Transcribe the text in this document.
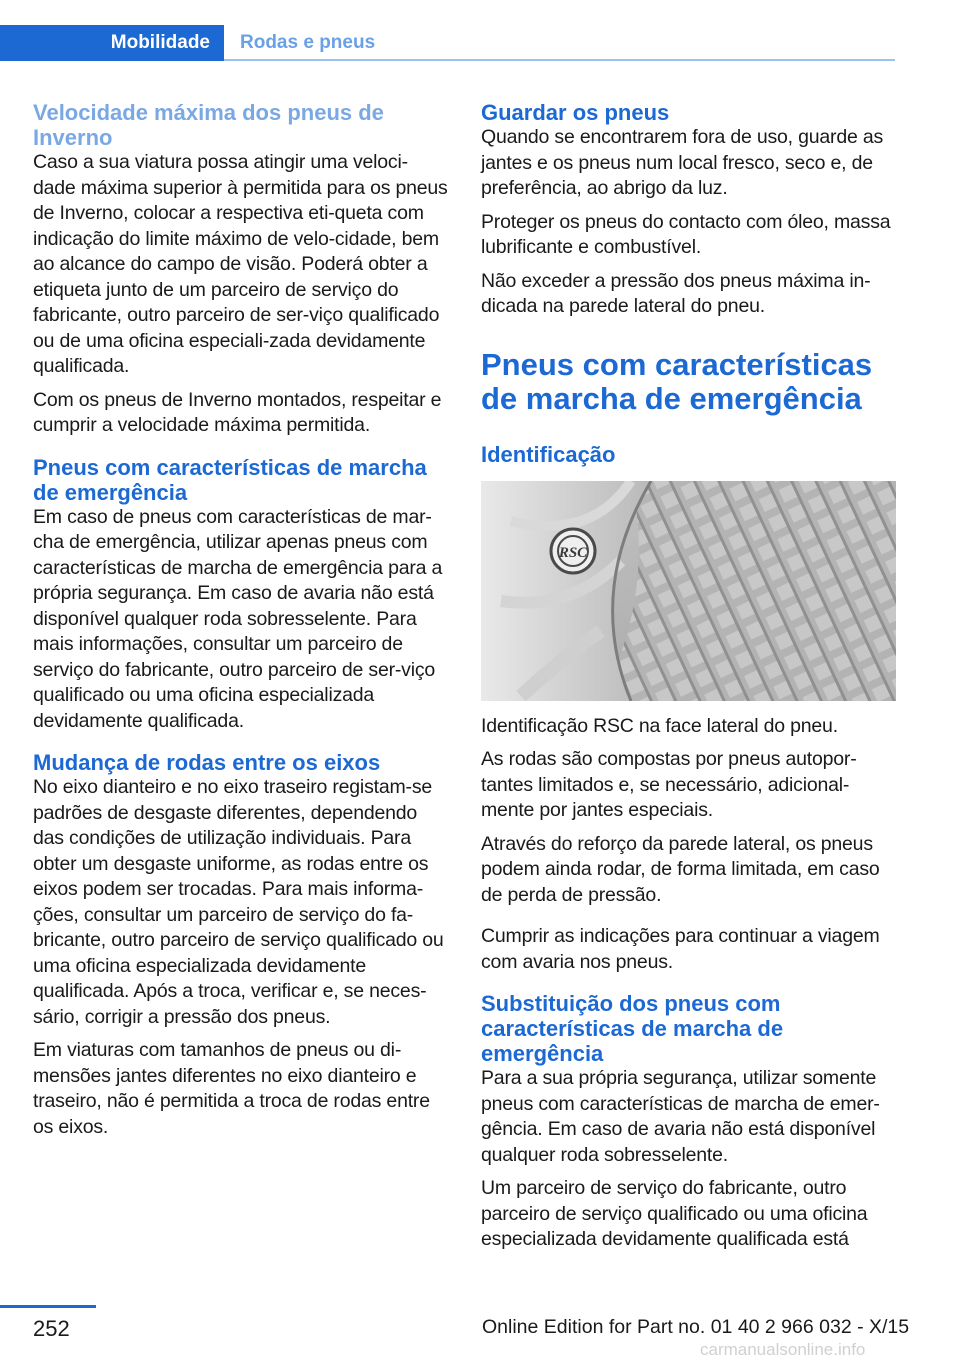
Mobilidade	Rodas e pneus
Velocidade máxima dos pneus de Inverno

Caso a sua viatura possa atingir uma veloci-dade máxima superior à permitida para os pneus de Inverno, colocar a respectiva eti-queta com indicação do limite máximo de velo-cidade, bem ao alcance do campo de visão. Poderá obter a etiqueta junto de um parceiro de serviço do fabricante, outro parceiro de ser-viço qualificado ou de uma oficina especiali-zada devidamente qualificada.

Com os pneus de Inverno montados, respeitar e cumprir a velocidade máxima permitida.

Pneus com características de marcha de emergência

Em caso de pneus com características de mar-cha de emergência, utilizar apenas pneus com características de marcha de emergência para a própria segurança. Em caso de avaria não está disponível qualquer roda sobresselente. Para mais informações, consultar um parceiro de serviço do fabricante, outro parceiro de ser-viço qualificado ou uma oficina especializada devidamente qualificada.

Mudança de rodas entre os eixos

No eixo dianteiro e no eixo traseiro registam-se padrões de desgaste diferentes, dependendo das condições de utilização individuais. Para obter um desgaste uniforme, as rodas entre os eixos podem ser trocadas. Para mais informa-ções, consultar um parceiro de serviço do fa-bricante, outro parceiro de serviço qualificado ou uma oficina especializada devidamente qualificada. Após a troca, verificar e, se neces-sário, corrigir a pressão dos pneus.

Em viaturas com tamanhos de pneus ou di-mensões jantes diferentes no eixo dianteiro e traseiro, não é permitida a troca de rodas entre os eixos.

Guardar os pneus

Quando se encontrarem fora de uso, guarde as jantes e os pneus num local fresco, seco e, de preferência, ao abrigo da luz.

Proteger os pneus do contacto com óleo, massa lubrificante e combustível.

Não exceder a pressão dos pneus máxima in-dicada na parede lateral do pneu.

Pneus com características de marcha de emergência
Identificação
RSC

Identificação RSC na face lateral do pneu.

As rodas são compostas por pneus autopor-tantes limitados e, se necessário, adicional-mente por jantes especiais.

Através do reforço da parede lateral, os pneus podem ainda rodar, de forma limitada, em caso de perda de pressão.

Cumprir as indicações para continuar a viagem com avaria nos pneus.

Substituição dos pneus com características de marcha de emergência

Para a sua própria segurança, utilizar somente pneus com características de marcha de emer-gência. Em caso de avaria não está disponível qualquer roda sobresselente.

Um parceiro de serviço do fabricante, outro parceiro de serviço qualificado ou uma oficina especializada devidamente qualificada está

252	Online Edition for Part no. 01 40 2 966 032 - X/15
carmanualsonline.info
